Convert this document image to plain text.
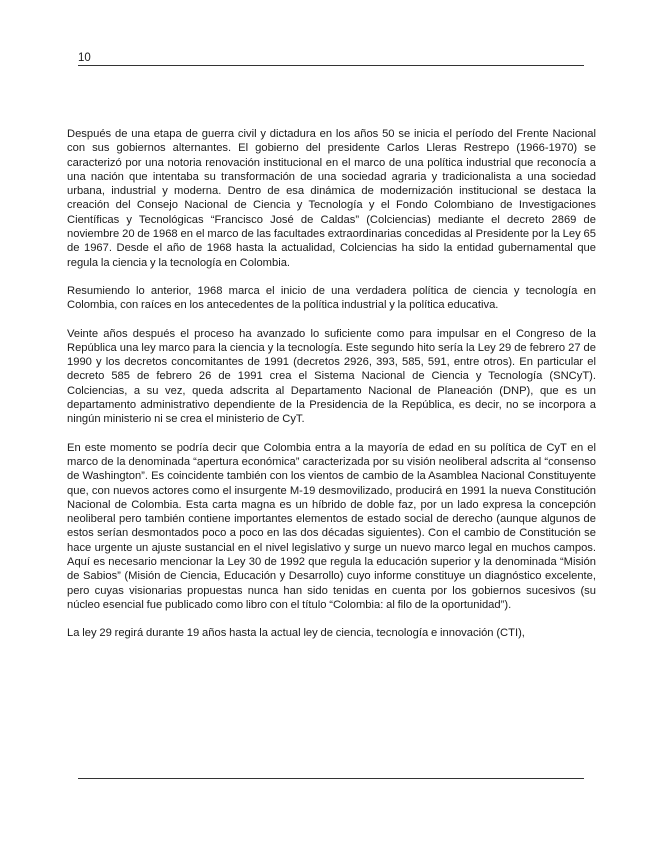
10

Después de una etapa de guerra civil y dictadura en los años 50 se inicia el período del Frente Nacional con sus gobiernos alternantes. El gobierno del presidente Carlos Lleras Restrepo (1966-1970) se caracterizó por una notoria renovación institucional en el marco de una política industrial que reconocía a una nación que intentaba su transformación de una sociedad agraria y tradicionalista a una sociedad urbana, industrial y moderna. Dentro de esa dinámica de modernización institucional se destaca la creación del Consejo Nacional de Ciencia y Tecnología y el Fondo Colombiano de Investigaciones Científicas y Tecnológicas “Francisco José de Caldas” (Colciencias) mediante el decreto 2869 de noviembre 20 de 1968 en el marco de las facultades extraordinarias concedidas al Presidente por la Ley 65 de 1967. Desde el año de 1968 hasta la actualidad, Colciencias ha sido la entidad gubernamental que regula la ciencia y la tecnología en Colombia.

Resumiendo lo anterior, 1968 marca el inicio de una verdadera política de ciencia y tecnología en Colombia, con raíces en los antecedentes de la política industrial y la política educativa.

Veinte años después el proceso ha avanzado lo suficiente como para impulsar en el Congreso de la República una ley marco para la ciencia y la tecnología. Este segundo hito sería la Ley 29 de febrero 27 de 1990 y los decretos concomitantes de 1991 (decretos 2926, 393, 585, 591, entre otros). En particular el decreto 585 de febrero 26 de 1991 crea el Sistema Nacional de Ciencia y Tecnología (SNCyT). Colciencias, a su vez, queda adscrita al Departamento Nacional de Planeación (DNP), que es un departamento administrativo dependiente de la Presidencia de la República, es decir, no se incorpora a ningún ministerio ni se crea el ministerio de CyT.

En este momento se podría decir que Colombia entra a la mayoría de edad en su política de CyT en el marco de la denominada “apertura económica” caracterizada por su visión neoliberal adscrita al “consenso de Washington”. Es coincidente también con los vientos de cambio de la Asamblea Nacional Constituyente que, con nuevos actores como el insurgente M-19 desmovilizado, producirá en 1991 la nueva Constitución Nacional de Colombia. Esta carta magna es un híbrido de doble faz, por un lado expresa la concepción neoliberal pero también contiene importantes elementos de estado social de derecho (aunque algunos de estos serían desmontados poco a poco en las dos décadas siguientes). Con el cambio de Constitución se hace urgente un ajuste sustancial en el nivel legislativo y surge un nuevo marco legal en muchos campos. Aquí es necesario mencionar la Ley 30 de 1992 que regula la educación superior y la denominada “Misión de Sabios” (Misión de Ciencia, Educación y Desarrollo) cuyo informe constituye un diagnóstico excelente, pero cuyas visionarias propuestas nunca han sido tenidas en cuenta por los gobiernos sucesivos (su núcleo esencial fue publicado como libro con el título “Colombia: al filo de la oportunidad”).

La ley 29 regirá durante 19 años hasta la actual ley de ciencia, tecnología e innovación (CTI),
